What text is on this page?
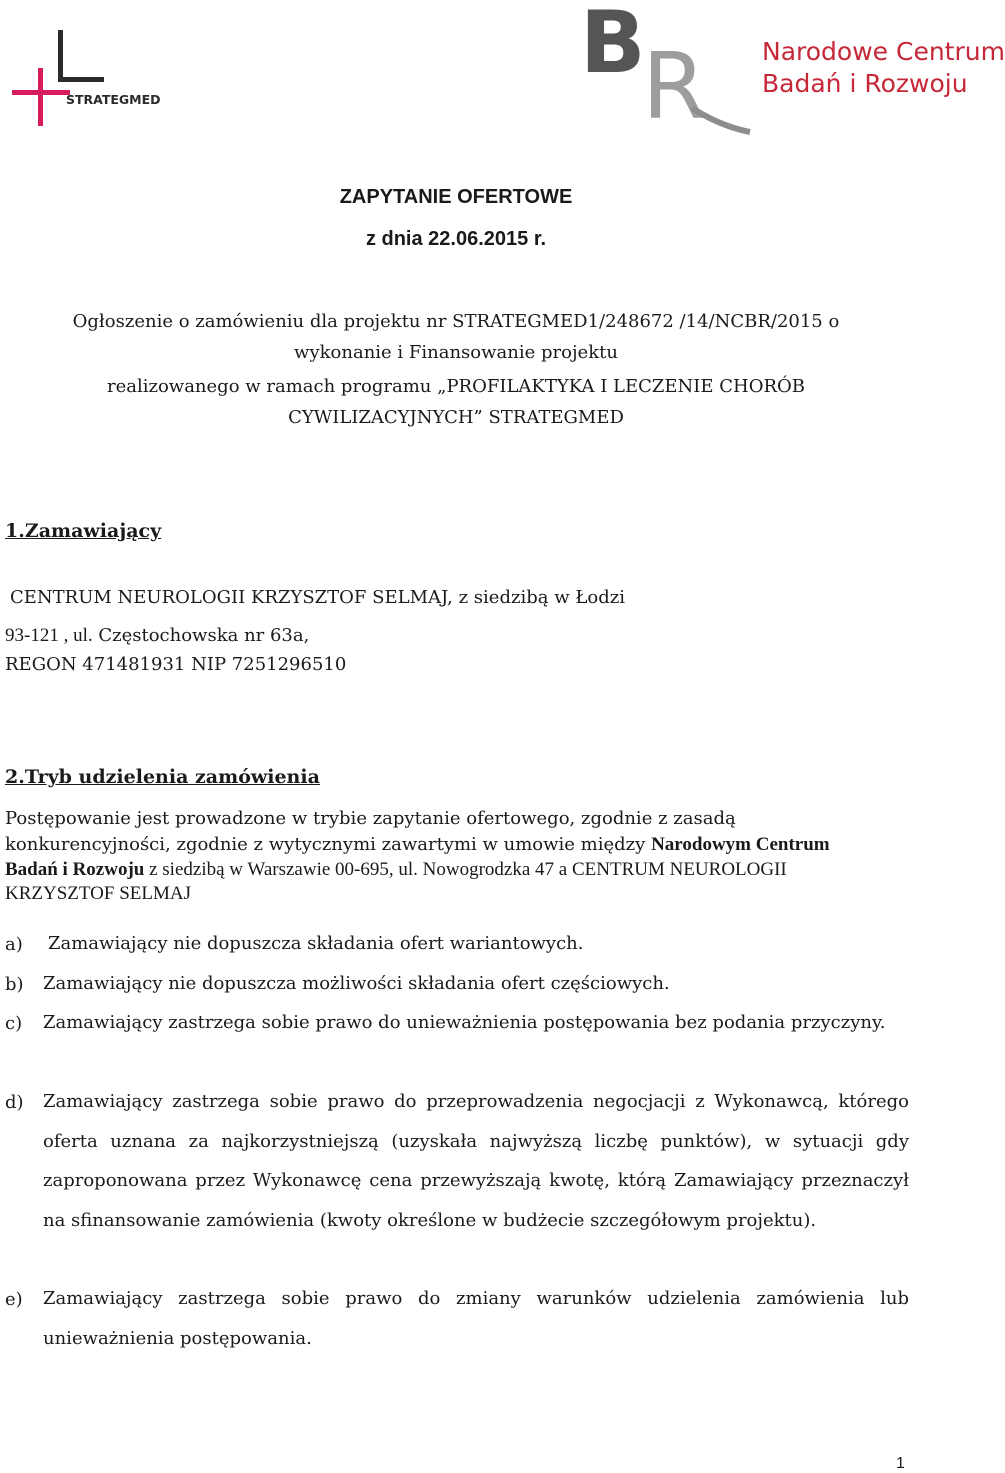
STRATEGMED
B
R Narodowe Centrum
Badań i Rozwoju
ZAPYTANIE OFERTOWE
z dnia 22.06.2015 r.
Ogłoszenie o zamówieniu dla projektu nr STRATEGMED1/248672 /14/NCBR/2015 o
wykonanie i Finansowanie projektu
realizowanego w ramach programu „PROFILAKTYKA I LECZENIE CHORÓB
CYWILIZACYJNYCH” STRATEGMED
1.Zamawiający
CENTRUM NEUROLOGII KRZYSZTOF SELMAJ, z siedzibą w Łodzi
93-121 , ul. Częstochowska nr 63a,
REGON 471481931 NIP 7251296510
2.Tryb udzielenia zamówienia
Postępowanie jest prowadzone w trybie zapytanie ofertowego, zgodnie z zasadą
konkurencyjności, zgodnie z wytycznymi zawartymi w umowie między Narodowym Centrum
Badań i Rozwoju z siedzibą w Warszawie 00-695, ul. Nowogrodzka 47 a CENTRUM NEUROLOGII
KRZYSZTOF SELMAJ
a) Zamawiający nie dopuszcza składania ofert wariantowych.
b) Zamawiający nie dopuszcza możliwości składania ofert częściowych.
c) Zamawiający zastrzega sobie prawo do unieważnienia postępowania bez podania przyczyny.
d) Zamawiający zastrzega sobie prawo do przeprowadzenia negocjacji z Wykonawcą, którego oferta uznana za najkorzystniejszą (uzyskała najwyższą liczbę punktów), w sytuacji gdy zaproponowana przez Wykonawcę cena przewyższają kwotę, którą Zamawiający przeznaczył na sfinansowanie zamówienia (kwoty określone w budżecie szczegółowym projektu).
e) Zamawiający zastrzega sobie prawo do zmiany warunków udzielenia zamówienia lub unieważnienia postępowania.
1
